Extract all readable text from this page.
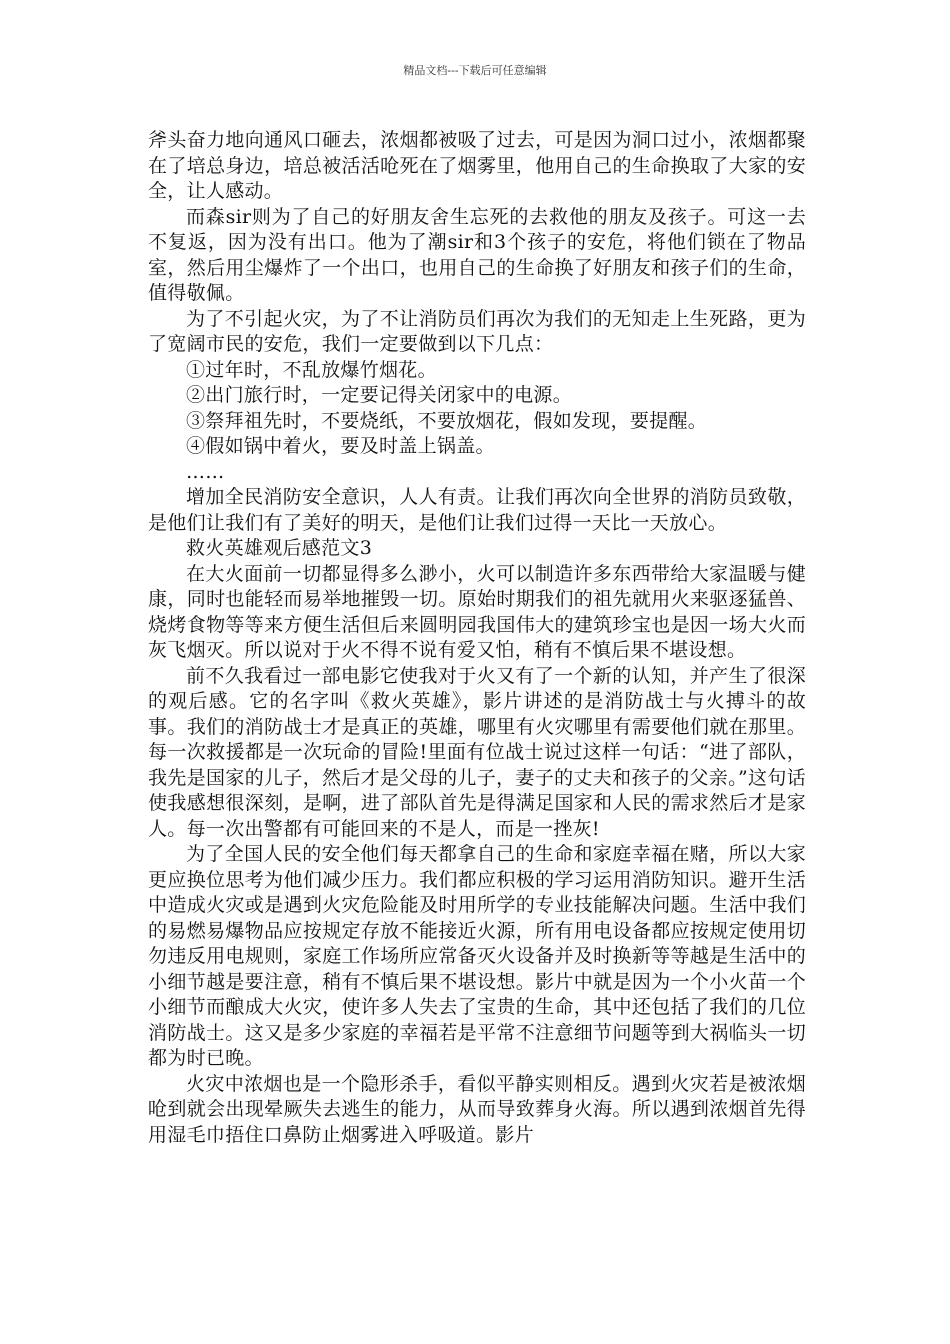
精品文档---下载后可任意编辑

斧头奋力地向通风口砸去，浓烟都被吸了过去，可是因为洞口过小，浓烟都聚在了培总身边，培总被活活呛死在了烟雾里，他用自己的生命换取了大家的安全，让人感动。

而森sir则为了自己的好朋友舍生忘死的去救他的朋友及孩子。可这一去不复返，因为没有出口。他为了潮sir和3个孩子的安危，将他们锁在了物品室，然后用尘爆炸了一个出口，也用自己的生命换了好朋友和孩子们的生命，值得敬佩。

为了不引起火灾，为了不让消防员们再次为我们的无知走上生死路，更为了宽阔市民的安危，我们一定要做到以下几点：

①过年时，不乱放爆竹烟花。

②出门旅行时，一定要记得关闭家中的电源。

③祭拜祖先时，不要烧纸，不要放烟花，假如发现，要提醒。

④假如锅中着火，要及时盖上锅盖。

……

增加全民消防安全意识，人人有责。让我们再次向全世界的消防员致敬，是他们让我们有了美好的明天，是他们让我们过得一天比一天放心。

救火英雄观后感范文3

在大火面前一切都显得多么渺小，火可以制造许多东西带给大家温暖与健康，同时也能轻而易举地摧毁一切。原始时期我们的祖先就用火来驱逐猛兽、烧烤食物等等来方便生活但后来圆明园我国伟大的建筑珍宝也是因一场大火而灰飞烟灭。所以说对于火不得不说有爱又怕，稍有不慎后果不堪设想。

前不久我看过一部电影它使我对于火又有了一个新的认知，并产生了很深的观后感。它的名字叫《救火英雄》，影片讲述的是消防战士与火搏斗的故事。我们的消防战士才是真正的英雄，哪里有火灾哪里有需要他们就在那里。每一次救援都是一次玩命的冒险!里面有位战士说过这样一句话：“进了部队，我先是国家的儿子，然后才是父母的儿子，妻子的丈夫和孩子的父亲。”这句话使我感想很深刻，是啊，进了部队首先是得满足国家和人民的需求然后才是家人。每一次出警都有可能回来的不是人，而是一挫灰!

为了全国人民的安全他们每天都拿自己的生命和家庭幸福在赌，所以大家更应换位思考为他们减少压力。我们都应积极的学习运用消防知识。避开生活中造成火灾或是遇到火灾危险能及时用所学的专业技能解决问题。生活中我们的易燃易爆物品应按规定存放不能接近火源，所有用电设备都应按规定使用切勿违反用电规则，家庭工作场所应常备灭火设备并及时换新等等越是生活中的小细节越是要注意，稍有不慎后果不堪设想。影片中就是因为一个小火苗一个小细节而酿成大火灾，使许多人失去了宝贵的生命，其中还包括了我们的几位消防战士。这又是多少家庭的幸福若是平常不注意细节问题等到大祸临头一切都为时已晚。

火灾中浓烟也是一个隐形杀手，看似平静实则相反。遇到火灾若是被浓烟呛到就会出现晕厥失去逃生的能力，从而导致葬身火海。所以遇到浓烟首先得用湿毛巾捂住口鼻防止烟雾进入呼吸道。影片
